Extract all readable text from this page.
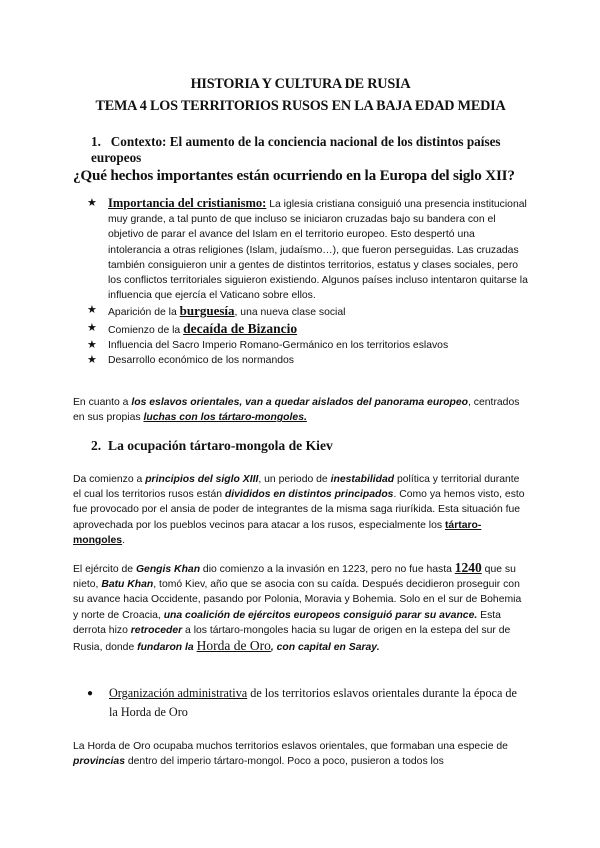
HISTORIA Y CULTURA DE RUSIA
TEMA 4 LOS TERRITORIOS RUSOS EN LA BAJA EDAD MEDIA
1. Contexto: El aumento de la conciencia nacional de los distintos países europeos
¿Qué hechos importantes están ocurriendo en la Europa del siglo XII?
★ Importancia del cristianismo: La iglesia cristiana consiguió una presencia institucional muy grande, a tal punto de que incluso se iniciaron cruzadas bajo su bandera con el objetivo de parar el avance del Islam en el territorio europeo. Esto despertó una intolerancia a otras religiones (Islam, judaísmo…), que fueron perseguidas. Las cruzadas también consiguieron unir a gentes de distintos territorios, estatus y clases sociales, pero los conflictos territoriales siguieron existiendo. Algunos países incluso intentaron quitarse la influencia que ejercía el Vaticano sobre ellos.
★ Aparición de la burguesía, una nueva clase social
★ Comienzo de la decaída de Bizancio
★ Influencia del Sacro Imperio Romano-Germánico en los territorios eslavos
★ Desarrollo económico de los normandos
En cuanto a los eslavos orientales, van a quedar aislados del panorama europeo, centrados en sus propias luchas con los tártaro-mongoles.
2. La ocupación tártaro-mongola de Kiev
Da comienzo a principios del siglo XIII, un periodo de inestabilidad política y territorial durante el cual los territorios rusos están divididos en distintos principados. Como ya hemos visto, esto fue provocado por el ansia de poder de integrantes de la misma saga riuríkida. Esta situación fue aprovechada por los pueblos vecinos para atacar a los rusos, especialmente los tártaro-mongoles.
El ejército de Gengis Khan dio comienzo a la invasión en 1223, pero no fue hasta 1240 que su nieto, Batu Khan, tomó Kiev, año que se asocia con su caída. Después decidieron proseguir con su avance hacia Occidente, pasando por Polonia, Moravia y Bohemia. Solo en el sur de Bohemia y norte de Croacia, una coalición de ejércitos europeos consiguió parar su avance. Esta derrota hizo retroceder a los tártaro-mongoles hacia su lugar de origen en la estepa del sur de Rusia, donde fundaron la Horda de Oro, con capital en Saray.
●	Organización administrativa de los territorios eslavos orientales durante la época de la Horda de Oro
La Horda de Oro ocupaba muchos territorios eslavos orientales, que formaban una especie de provincias dentro del imperio tártaro-mongol. Poco a poco, pusieron a todos los
